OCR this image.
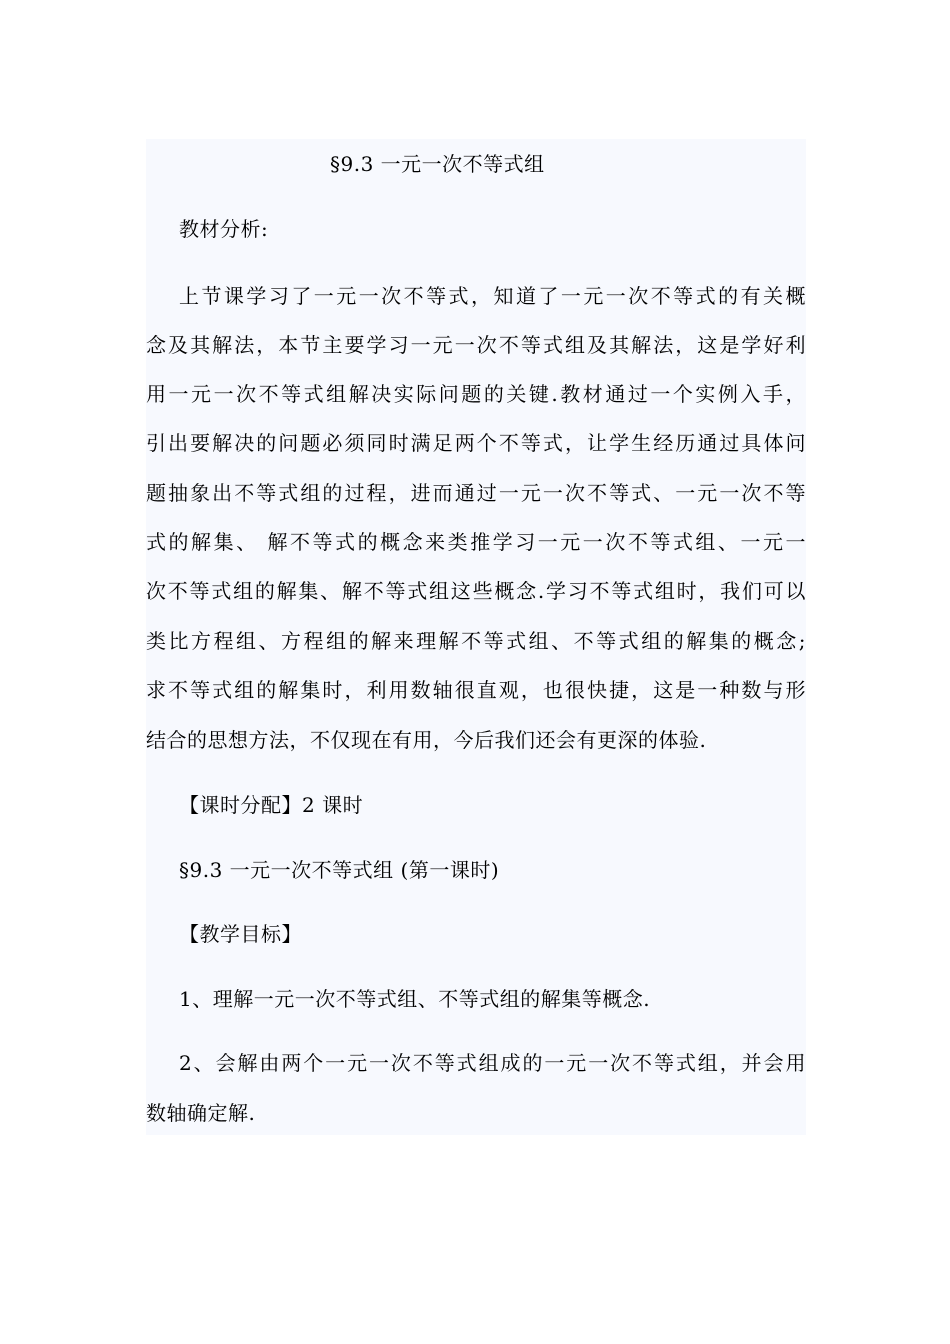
§9.3 一元一次不等式组
教材分析:
上节课学习了一元一次不等式，知道了一元一次不等式的有关概
念及其解法，本节主要学习一元一次不等式组及其解法，这是学好利
用一元一次不等式组解决实际问题的关键.教材通过一个实例入手，
引出要解决的问题必须同时满足两个不等式，让学生经历通过具体问
题抽象出不等式组的过程，进而通过一元一次不等式、一元一次不等
式的解集、 解不等式的概念来类推学习一元一次不等式组、一元一
次不等式组的解集、解不等式组这些概念.学习不等式组时，我们可以
类比方程组、方程组的解来理解不等式组、不等式组的解集的概念;
求不等式组的解集时，利用数轴很直观，也很快捷，这是一种数与形
结合的思想方法，不仅现在有用，今后我们还会有更深的体验.
【课时分配】2 课时
§9.3 一元一次不等式组 (第一课时)
【教学目标】
1、理解一元一次不等式组、不等式组的解集等概念.
2、会解由两个一元一次不等式组成的一元一次不等式组，并会用
数轴确定解.
